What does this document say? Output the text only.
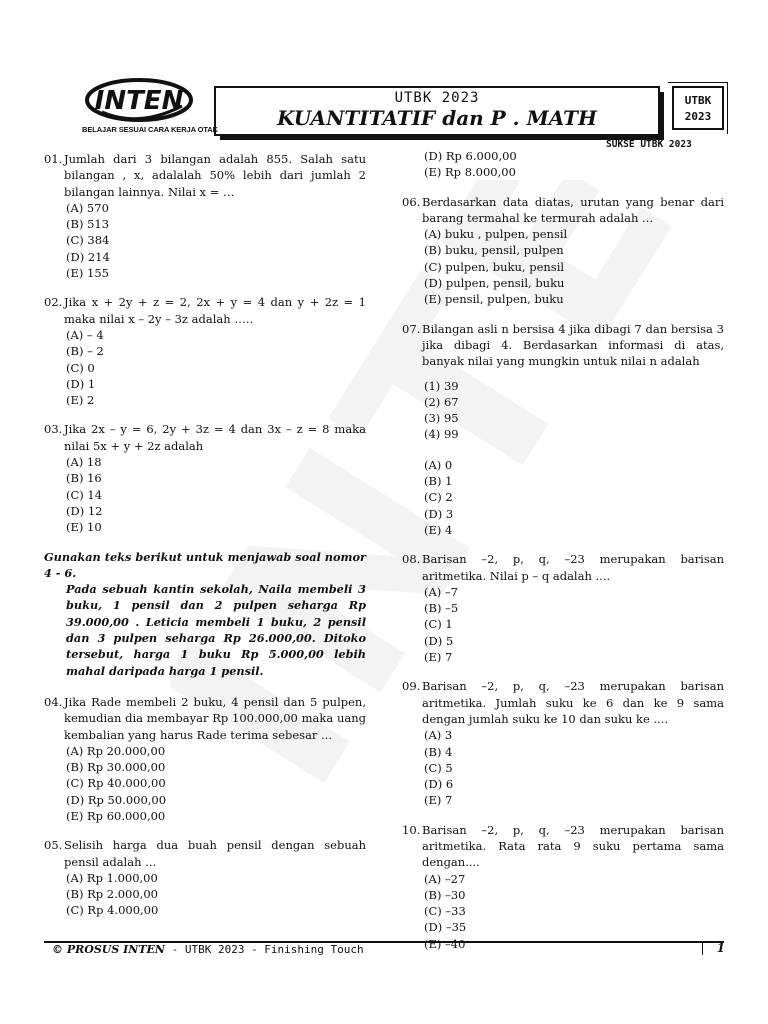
INTEN
BELAJAR SESUAI CARA KERJA OTAK
UTBK 2023
KUANTITATIF dan P . MATH
UTBK
2023
SUKSE UTBK 2023
01. Jumlah dari 3 bilangan adalah 855. Salah satu bilangan , x, adalalah 50% lebih dari jumlah 2 bilangan lainnya. Nilai x = …
(A) 570
(B) 513
(C) 384
(D) 214
(E) 155
02. Jika x + 2y + z = 2, 2x + y = 4 dan y + 2z = 1 maka nilai x – 2y – 3z adalah …..
(A) – 4
(B) – 2
(C) 0
(D) 1
(E) 2
03. Jika 2x – y = 6, 2y + 3z = 4 dan 3x – z = 8 maka nilai 5x + y + 2z adalah
(A) 18
(B) 16
(C) 14
(D) 12
(E) 10
Gunakan teks berikut untuk menjawab soal nomor 4 - 6.
Pada sebuah kantin sekolah, Naila membeli 3 buku, 1 pensil dan 2 pulpen seharga Rp 39.000,00 . Leticia membeli 1 buku, 2 pensil dan 3 pulpen seharga Rp 26.000,00. Ditoko tersebut, harga 1 buku Rp 5.000,00 lebih mahal daripada harga 1 pensil.
04. Jika Rade membeli 2 buku, 4 pensil dan 5 pulpen, kemudian dia membayar Rp 100.000,00 maka uang kembalian yang harus Rade terima sebesar ...
(A) Rp 20.000,00
(B) Rp 30.000,00
(C) Rp 40.000,00
(D) Rp 50.000,00
(E) Rp 60.000,00
05. Selisih harga dua buah pensil dengan sebuah pensil adalah ...
(A) Rp 1.000,00
(B) Rp 2.000,00
(C) Rp 4.000,00
(D) Rp 6.000,00
(E) Rp 8.000,00
06. Berdasarkan data diatas, urutan yang benar dari barang termahal ke termurah adalah ...
(A) buku , pulpen, pensil
(B) buku, pensil, pulpen
(C) pulpen, buku, pensil
(D) pulpen, pensil, buku
(E) pensil, pulpen, buku
07. Bilangan asli n bersisa 4 jika dibagi 7 dan bersisa 3 jika dibagi 4. Berdasarkan informasi di atas, banyak nilai yang mungkin untuk nilai n adalah
(1) 39
(2) 67
(3) 95
(4) 99
(A) 0
(B) 1
(C) 2
(D) 3
(E) 4
08. Barisan –2, p, q, –23 merupakan barisan aritmetika. Nilai p – q adalah ....
(A) –7
(B) –5
(C) 1
(D) 5
(E) 7
09. Barisan –2, p, q, –23 merupakan barisan aritmetika. Jumlah suku ke 6 dan ke 9 sama dengan jumlah suku ke 10 dan suku ke ....
(A) 3
(B) 4
(C) 5
(D) 6
(E) 7
10. Barisan –2, p, q, –23 merupakan barisan aritmetika. Rata rata 9 suku pertama sama dengan....
(A) –27
(B) –30
(C) –33
(D) –35
(E) –40
© PROSUS INTEN - UTBK 2023 - Finishing Touch	1
